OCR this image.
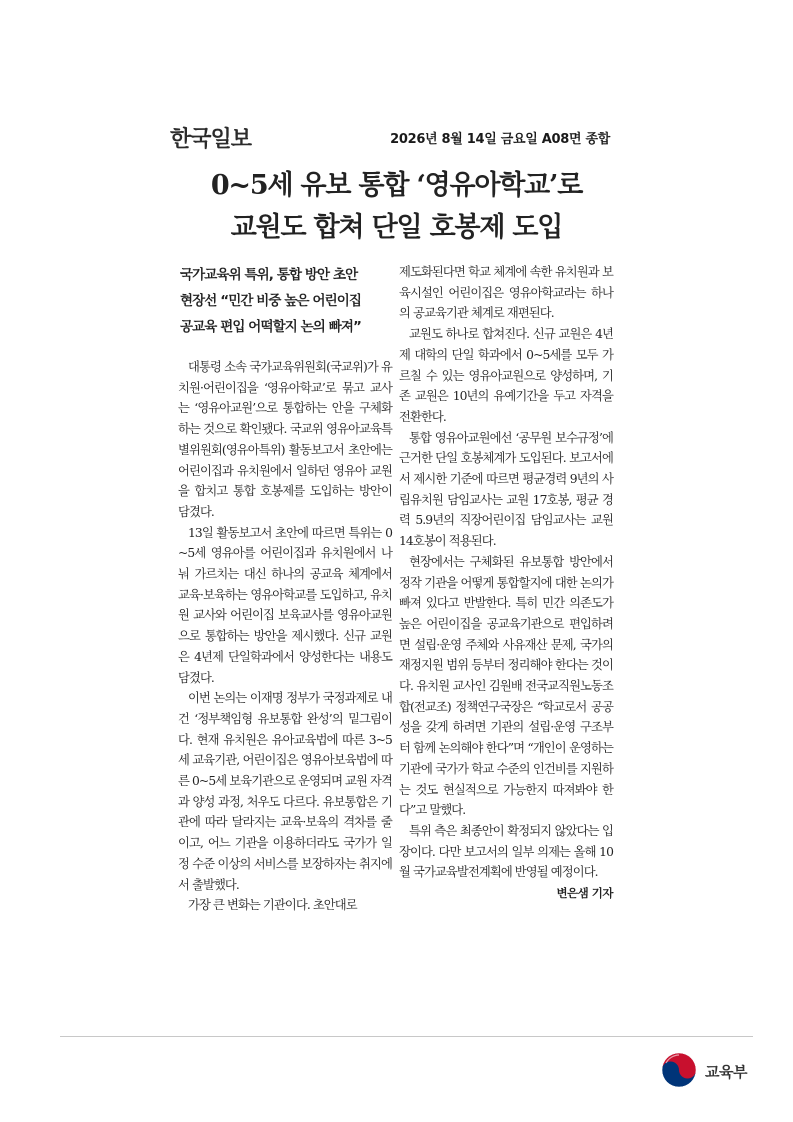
한국일보	2026년 8월 14일 금요일 A08면 종합
0~5세 유보 통합 ‘영유아학교’로
교원도 합쳐 단일 호봉제 도입
국가교육위 특위, 통합 방안 초안
현장선 “민간 비중 높은 어린이집
공교육 편입 어떡할지 논의 빠져”

대통령 소속 국가교육위원회(국교위)가 유치원·어린이집을 ‘영유아학교’로 묶고 교사는 ‘영유아교원’으로 통합하는 안을 구체화하는 것으로 확인됐다. 국교위 영유아교육특별위원회(영유아특위) 활동보고서 초안에는 어린이집과 유치원에서 일하던 영유아 교원을 합치고 통합 호봉제를 도입하는 방안이 담겼다.

13일 활동보고서 초안에 따르면 특위는 0~5세 영유아를 어린이집과 유치원에서 나눠 가르치는 대신 하나의 공교육 체계에서 교육·보육하는 영유아학교를 도입하고, 유치원 교사와 어린이집 보육교사를 영유아교원으로 통합하는 방안을 제시했다. 신규 교원은 4년제 단일학과에서 양성한다는 내용도 담겼다.

이번 논의는 이재명 정부가 국정과제로 내건 ‘정부책임형 유보통합 완성’의 밑그림이다. 현재 유치원은 유아교육법에 따른 3~5세 교육기관, 어린이집은 영유아보육법에 따른 0~5세 보육기관으로 운영되며 교원 자격과 양성 과정, 처우도 다르다. 유보통합은 기관에 따라 달라지는 교육·보육의 격차를 줄이고, 어느 기관을 이용하더라도 국가가 일정 수준 이상의 서비스를 보장하자는 취지에서 출발했다.

가장 큰 변화는 기관이다. 초안대로

제도화된다면 학교 체계에 속한 유치원과 보육시설인 어린이집은 영유아학교라는 하나의 공교육기관 체계로 재편된다.

교원도 하나로 합쳐진다. 신규 교원은 4년제 대학의 단일 학과에서 0~5세를 모두 가르칠 수 있는 영유아교원으로 양성하며, 기존 교원은 10년의 유예기간을 두고 자격을 전환한다.

통합 영유아교원에선 ‘공무원 보수규정’에 근거한 단일 호봉체계가 도입된다. 보고서에서 제시한 기준에 따르면 평균경력 9년의 사립유치원 담임교사는 교원 17호봉, 평균 경력 5.9년의 직장어린이집 담임교사는 교원 14호봉이 적용된다.

현장에서는 구체화된 유보통합 방안에서 정작 기관을 어떻게 통합할지에 대한 논의가 빠져 있다고 반발한다. 특히 민간 의존도가 높은 어린이집을 공교육기관으로 편입하려면 설립·운영 주체와 사유재산 문제, 국가의 재정지원 범위 등부터 정리해야 한다는 것이다. 유치원 교사인 김원배 전국교직원노동조합(전교조) 정책연구국장은 “학교로서 공공성을 갖게 하려면 기관의 설립·운영 구조부터 함께 논의해야 한다”며 “개인이 운영하는 기관에 국가가 학교 수준의 인건비를 지원하는 것도 현실적으로 가능한지 따져봐야 한다”고 말했다.

특위 측은 최종안이 확정되지 않았다는 입장이다. 다만 보고서의 일부 의제는 올해 10월 국가교육발전계획에 반영될 예정이다.
변은샘 기자

교육부
